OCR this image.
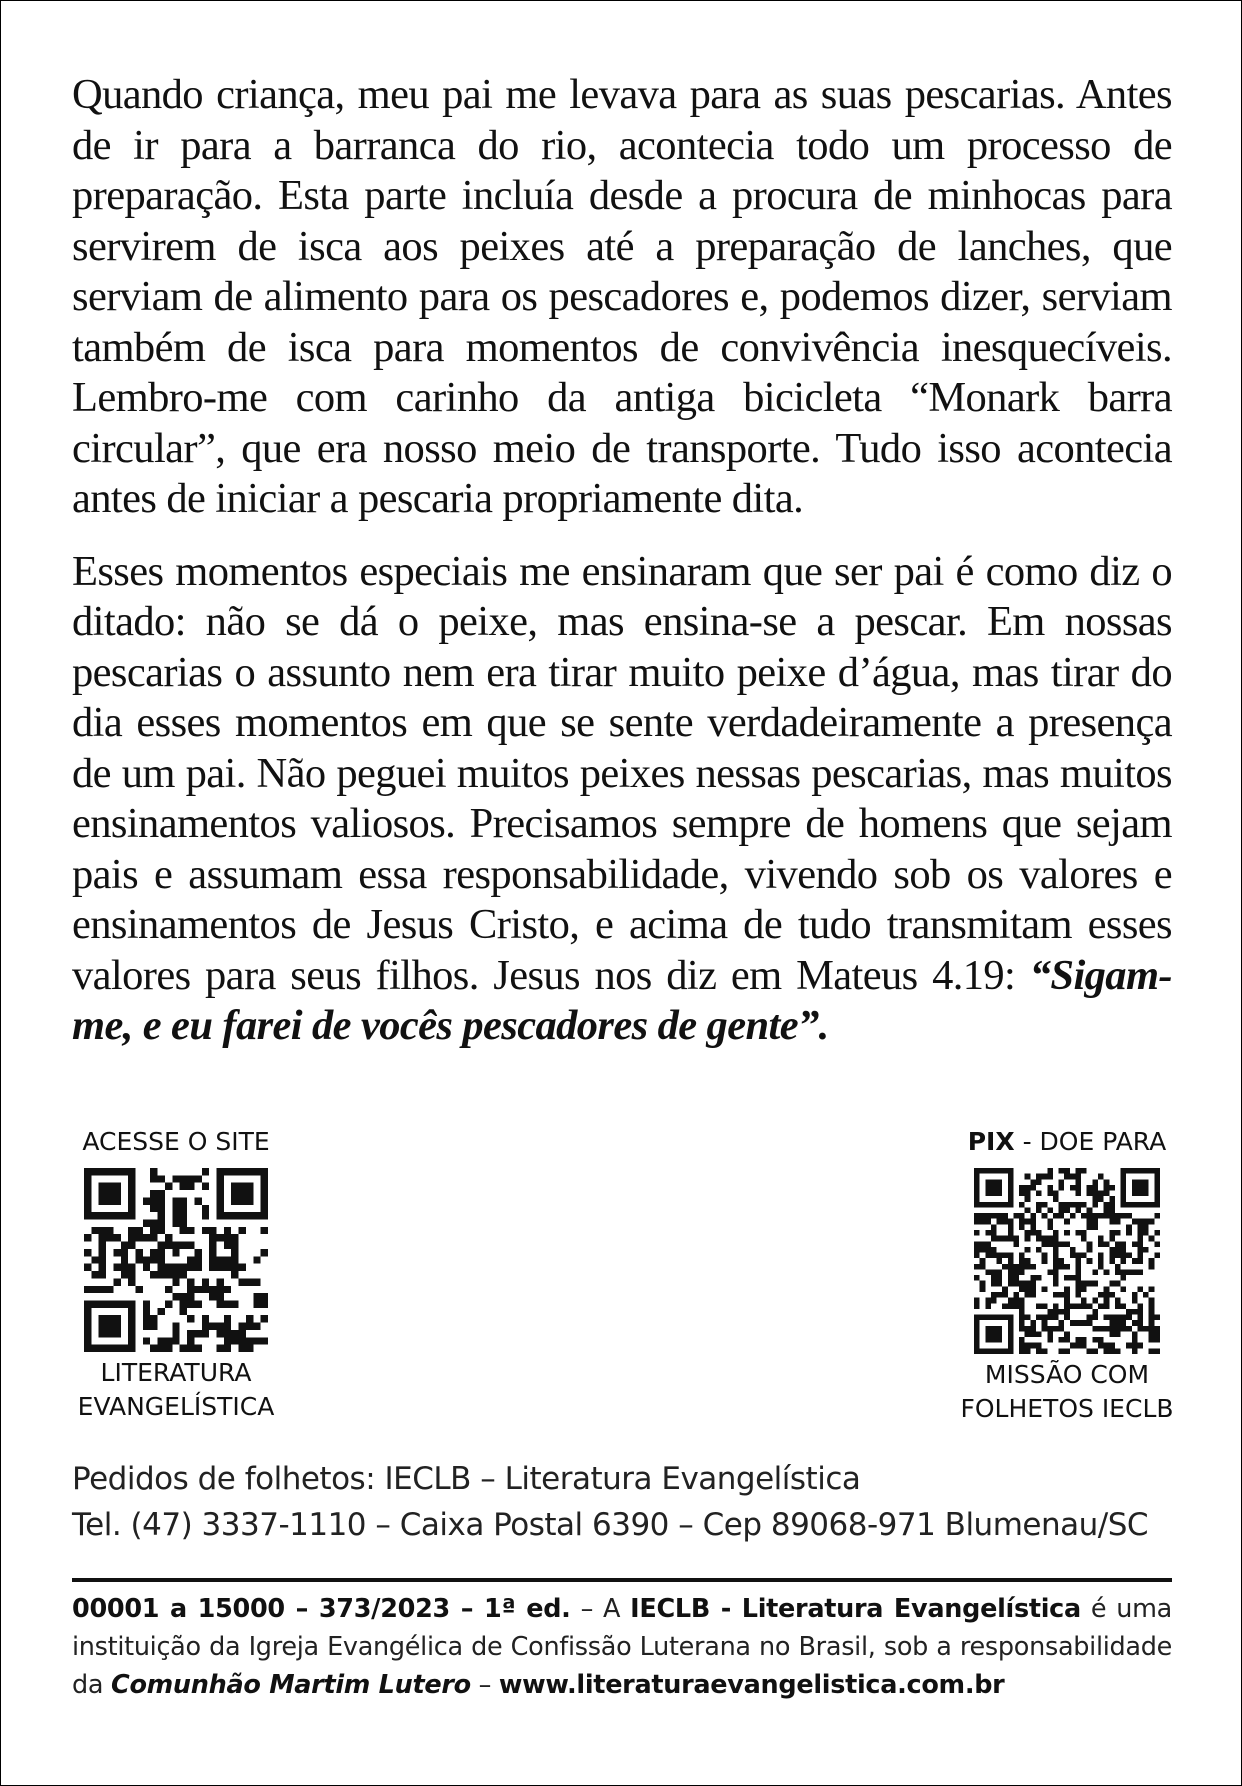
Quando criança, meu pai me levava para as suas pescarias. Antes de ir para a barranca do rio, acontecia todo um processo de preparação. Esta parte incluía desde a procura de minhocas para servirem de isca aos peixes até a preparação de lanches, que serviam de alimento para os pescadores e, podemos dizer, serviam também de isca para momentos de convivência inesquecíveis. Lembro-me com carinho da antiga bicicleta “Monark barra circular”, que era nosso meio de transporte. Tudo isso acontecia antes de iniciar a pescaria propriamente dita.

Esses momentos especiais me ensinaram que ser pai é como diz o ditado: não se dá o peixe, mas ensina-se a pescar. Em nossas pescarias o assunto nem era tirar muito peixe d’água, mas tirar do dia esses momentos em que se sente verdadeiramente a presença de um pai. Não peguei muitos peixes nessas pescarias, mas muitos ensinamentos valiosos. Precisamos sempre de homens que sejam pais e assumam essa responsabilidade, vivendo sob os valores e ensinamentos de Jesus Cristo, e acima de tudo transmitam esses valores para seus filhos. Jesus nos diz em Mateus 4.19: “Sigam-me, e eu farei de vocês pescadores de gente”.

ACESSE O SITE
LITERATURA
EVANGELÍSTICA
PIX - DOE PARA
MISSÃO COM
FOLHETOS IECLB
Pedidos de folhetos: IECLB – Literatura Evangelística
Tel. (47) 3337-1110 – Caixa Postal 6390 – Cep 89068-971 Blumenau/SC
00001 a 15000 – 373/2023 – 1ª ed. – A IECLB - Literatura Evangelística é uma instituição da Igreja Evangélica de Confissão Luterana no Brasil, sob a responsabilidade da Comunhão Martim Lutero – www.literaturaevangelistica.com.br
